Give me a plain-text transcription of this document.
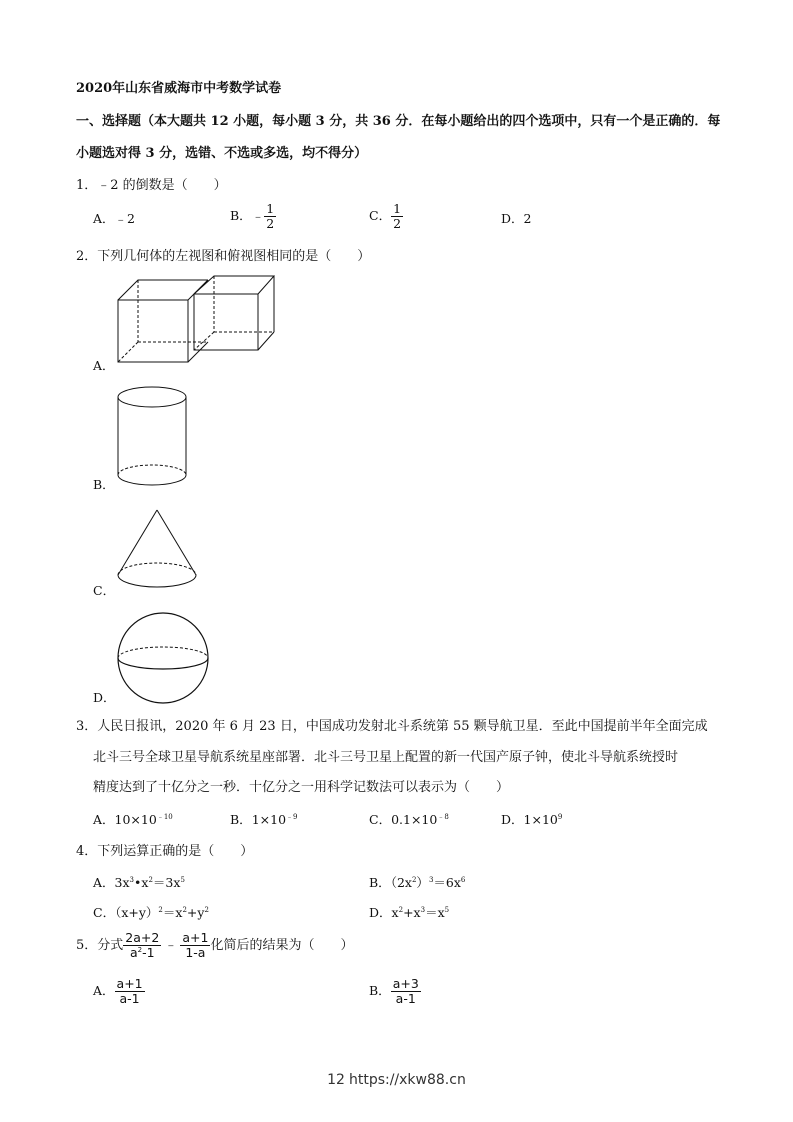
2020年山东省威海市中考数学试卷
一、选择题（本大题共 12 小题，每小题 3 分，共 36 分．在每小题给出的四个选项中，只有一个是正确的．每
小题选对得 3 分，选错、不选或多选，均不得分）
1．﹣2 的倒数是（　　）
A．﹣2	B．﹣ $\frac{1}{2}$	C． $\frac{1}{2}$	D．2
2．下列几何体的左视图和俯视图相同的是（　　）
A．
B．
C．
D．
3．人民日报讯，2020 年 6 月 23 日，中国成功发射北斗系统第 55 颗导航卫星．至此中国提前半年全面完成
北斗三号全球卫星导航系统星座部署．北斗三号卫星上配置的新一代国产原子钟，使北斗导航系统授时
精度达到了十亿分之一秒．十亿分之一用科学记数法可以表示为（　　）
A．$10\times 10^{﹣10}$	B．$1\times 10^{﹣9}$	C．$0.1\times 10^{﹣8}$	D．$1\times 10^9$
4．下列运算正确的是（　　）
A．$3x^3•x^2=3x^5$	B．$(2x^2)^3=6x^6$
C．$(x+y)^2=x^2+y^2$	D．$x^2+x^3=x^5$
5．分式 $\frac{2a+2}{a^2-1}$ ﹣ $\frac{a+1}{1-a}$ 化简后的结果为（　　）
A． $\frac{a+1}{a-1}$	B． $\frac{a+3}{a-1}$
12 https://xkw88.cn
